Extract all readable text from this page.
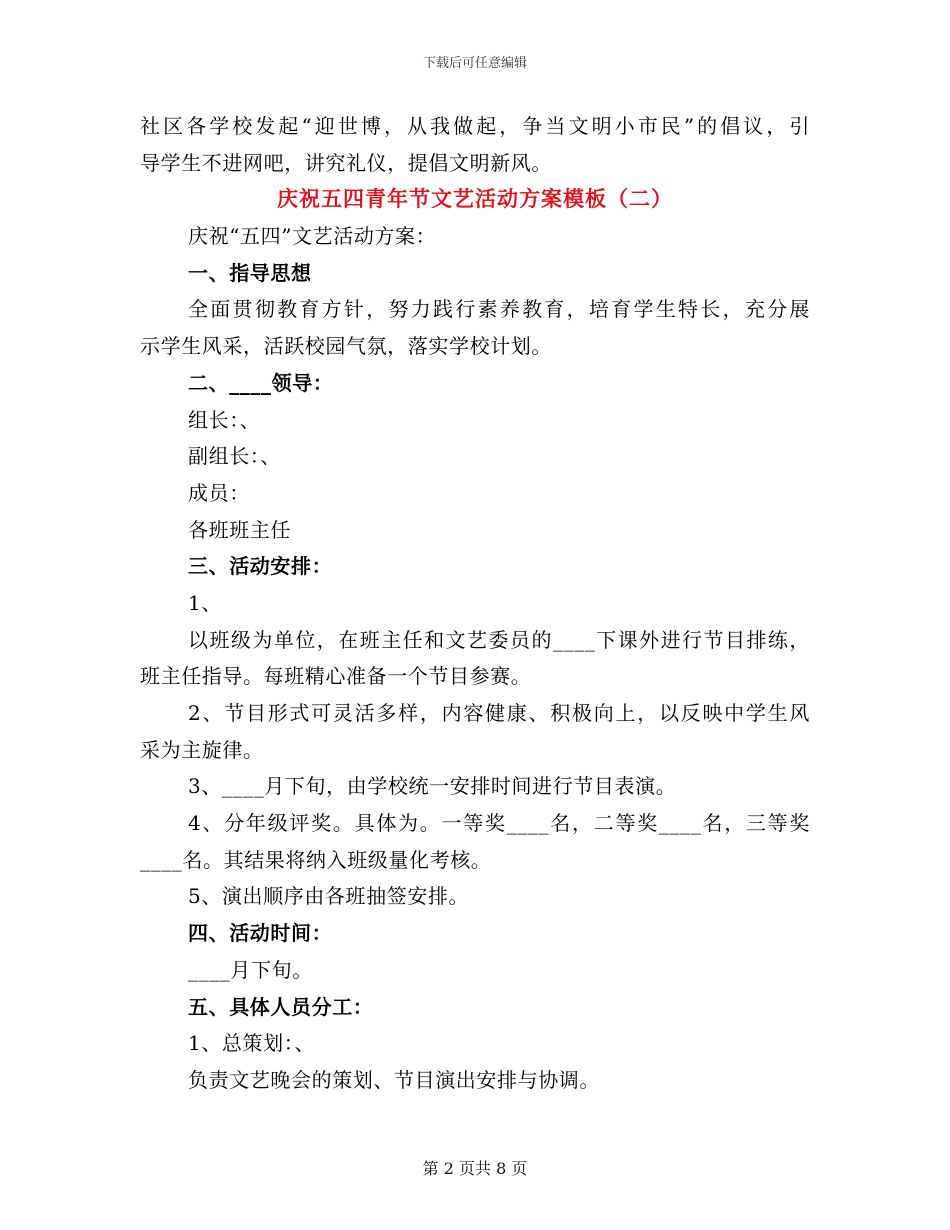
下载后可任意编辑
社区各学校发起“迎世博，从我做起，争当文明小市民”的倡议，引
导学生不进网吧，讲究礼仪，提倡文明新风。
庆祝五四青年节文艺活动方案模板（二）
庆祝“五四”文艺活动方案：
一、指导思想
全面贯彻教育方针，努力践行素养教育，培育学生特长，充分展
示学生风采，活跃校园气氛，落实学校计划。
二、____领导：
组长：、
副组长：、
成员：
各班班主任
三、活动安排：
1、
以班级为单位，在班主任和文艺委员的____下课外进行节目排练，
班主任指导。每班精心准备一个节目参赛。
2、节目形式可灵活多样，内容健康、积极向上，以反映中学生风
采为主旋律。
3、____月下旬，由学校统一安排时间进行节目表演。
4、分年级评奖。具体为。一等奖____名，二等奖____名，三等奖
____名。其结果将纳入班级量化考核。
5、演出顺序由各班抽签安排。
四、活动时间：
____月下旬。
五、具体人员分工：
1、总策划：、
负责文艺晚会的策划、节目演出安排与协调。
第 2 页共 8 页
